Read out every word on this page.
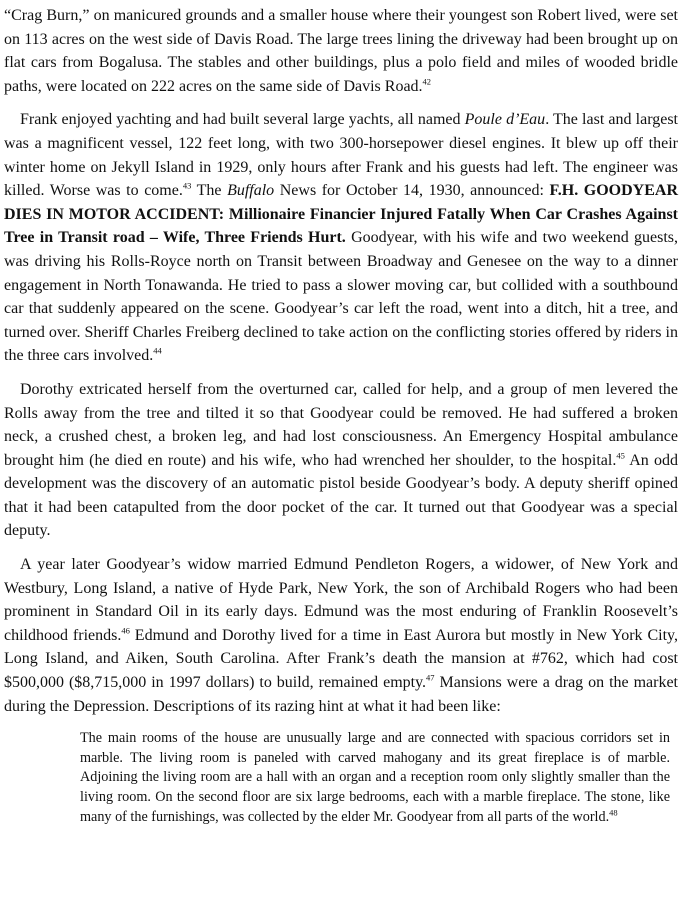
“Crag Burn,” on manicured grounds and a smaller house where their youngest son Robert lived, were set on 113 acres on the west side of Davis Road. The large trees lining the driveway had been brought up on flat cars from Bogalusa. The stables and other buildings, plus a polo field and miles of wooded bridle paths, were located on 222 acres on the same side of Davis Road.$^{42}$

Frank enjoyed yachting and had built several large yachts, all named Poule d’Eau. The last and largest was a magnificent vessel, 122 feet long, with two 300-horsepower diesel engines. It blew up off their winter home on Jekyll Island in 1929, only hours after Frank and his guests had left. The engineer was killed. Worse was to come.$^{43}$ The Buffalo News for October 14, 1930, announced: F.H. GOODYEAR DIES IN MOTOR ACCIDENT: Millionaire Financier Injured Fatally When Car Crashes Against Tree in Transit road – Wife, Three Friends Hurt. Goodyear, with his wife and two weekend guests, was driving his Rolls-Royce north on Transit between Broadway and Genesee on the way to a dinner engagement in North Tonawanda. He tried to pass a slower moving car, but collided with a southbound car that suddenly appeared on the scene. Goodyear’s car left the road, went into a ditch, hit a tree, and turned over. Sheriff Charles Freiberg declined to take action on the conflicting stories offered by riders in the three cars involved.$^{44}$

Dorothy extricated herself from the overturned car, called for help, and a group of men levered the Rolls away from the tree and tilted it so that Goodyear could be removed. He had suffered a broken neck, a crushed chest, a broken leg, and had lost consciousness. An Emergency Hospital ambulance brought him (he died en route) and his wife, who had wrenched her shoulder, to the hospital.$^{45}$ An odd development was the discovery of an automatic pistol beside Goodyear’s body. A deputy sheriff opined that it had been catapulted from the door pocket of the car. It turned out that Goodyear was a special deputy.

A year later Goodyear’s widow married Edmund Pendleton Rogers, a widower, of New York and Westbury, Long Island, a native of Hyde Park, New York, the son of Archibald Rogers who had been prominent in Standard Oil in its early days. Edmund was the most enduring of Franklin Roosevelt’s childhood friends.$^{46}$ Edmund and Dorothy lived for a time in East Aurora but mostly in New York City, Long Island, and Aiken, South Carolina. After Frank’s death the mansion at #762, which had cost $500,000 ($8,715,000 in 1997 dollars) to build, remained empty.$^{47}$ Mansions were a drag on the market during the Depression. Descriptions of its razing hint at what it had been like:

The main rooms of the house are unusually large and are connected with spacious corridors set in marble. The living room is paneled with carved mahogany and its great fireplace is of marble. Adjoining the living room are a hall with an organ and a reception room only slightly smaller than the living room. On the second floor are six large bedrooms, each with a marble fireplace. The stone, like many of the furnishings, was collected by the elder Mr. Goodyear from all parts of the world.$^{48}$
